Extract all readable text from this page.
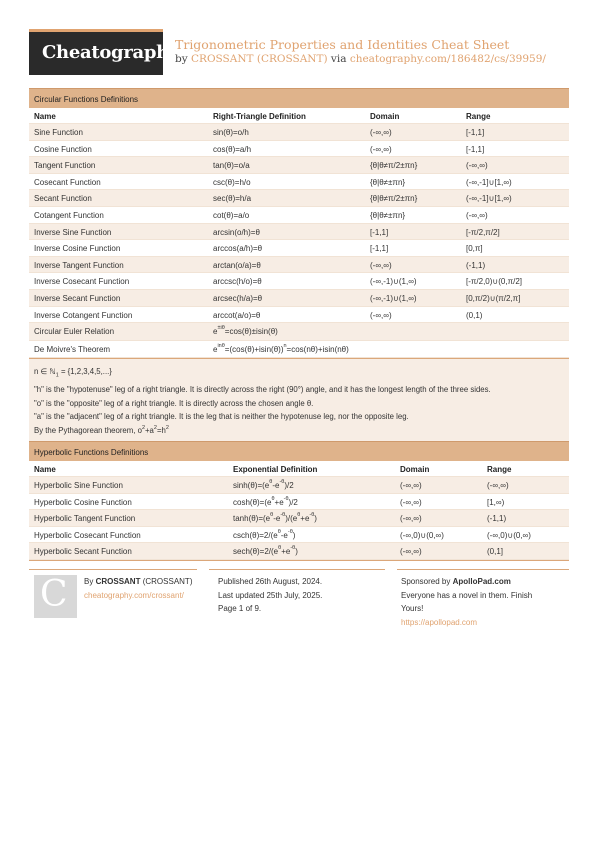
Cheatography
Trigonometric Properties and Identities Cheat Sheet
by CROSSANT (CROSSANT) via cheatography.com/186482/cs/39959/
Circular Functions Definitions
Name	Right-Triangle Definition	Domain	Range
Sine Function	sin(θ)=o/h	(-∞,∞)	[-1,1]
Cosine Function	cos(θ)=a/h	(-∞,∞)	[-1,1]
Tangent Function	tan(θ)=o/a	{θ|θ≠π/2±πn}	(-∞,∞)
Cosecant Function	csc(θ)=h/o	{θ|θ≠±πn}	(-∞,-1]∪[1,∞)
Secant Function	sec(θ)=h/a	{θ|θ≠π/2±πn}	(-∞,-1]∪[1,∞)
Cotangent Function	cot(θ)=a/o	{θ|θ≠±πn}	(-∞,∞)
Inverse Sine Function	arcsin(o/h)=θ	[-1,1]	[-π/2,π/2]
Inverse Cosine Function	arccos(a/h)=θ	[-1,1]	[0,π]
Inverse Tangent Function	arctan(o/a)=θ	(-∞,∞)	(-1,1)
Inverse Cosecant Function	arccsc(h/o)=θ	(-∞,-1)∪(1,∞)	[-π/2,0)∪(0,π/2]
Inverse Secant Function	arcsec(h/a)=θ	(-∞,-1)∪(1,∞)	[0,π/2)∪(π/2,π]
Inverse Cotangent Function	arccot(a/o)=θ	(-∞,∞)	(0,1)
Circular Euler Relation	$e^{\pm i\theta}=\cos(\theta)\pm isin(\theta)$
De Moivre's Theorem	$e^{in\theta}=(\cos(\theta)+isin(\theta))^n=\cos(n\theta)+isin(n\theta)$
n ∈ ℕ$_1$ = {1,2,3,4,5,...}
"h" is the "hypotenuse" leg of a right triangle. It is directly across the right (90°) angle, and it has the longest length of the three sides.
"o" is the "opposite" leg of a right triangle. It is directly across the chosen angle θ.
"a" is the "adjacent" leg of a right triangle. It is the leg that is neither the hypotenuse leg, nor the opposite leg.
By the Pythagorean theorem, $o^2+a^2=h^2$
Hyperbolic Functions Definitions
Name	Exponential Definition	Domain	Range
Hyperbolic Sine Function	$\sinh(\theta)=(e^\theta-e^{-\theta})/2$	(-∞,∞)	(-∞,∞)
Hyperbolic Cosine Function	$\cosh(\theta)=(e^\theta+e^{-\theta})/2$	(-∞,∞)	[1,∞)
Hyperbolic Tangent Function	$\tanh(\theta)=(e^\theta-e^{-\theta})/(e^\theta+e^{-\theta})$	(-∞,∞)	(-1,1)
Hyperbolic Cosecant Function	$\csc h(\theta)=2/(e^\theta-e^{-\theta})$	(-∞,0)∪(0,∞)	(-∞,0)∪(0,∞)
Hyperbolic Secant Function	$\sec h(\theta)=2/(e^\theta+e^{-\theta})$	(-∞,∞)	(0,1]
C By CROSSANT (CROSSANT)
cheatography.com/crossant/
Published 26th August, 2024.
Last updated 25th July, 2025.
Page 1 of 9.
Sponsored by ApolloPad.com
Everyone has a novel in them. Finish
Yours!
https://apollopad.com
